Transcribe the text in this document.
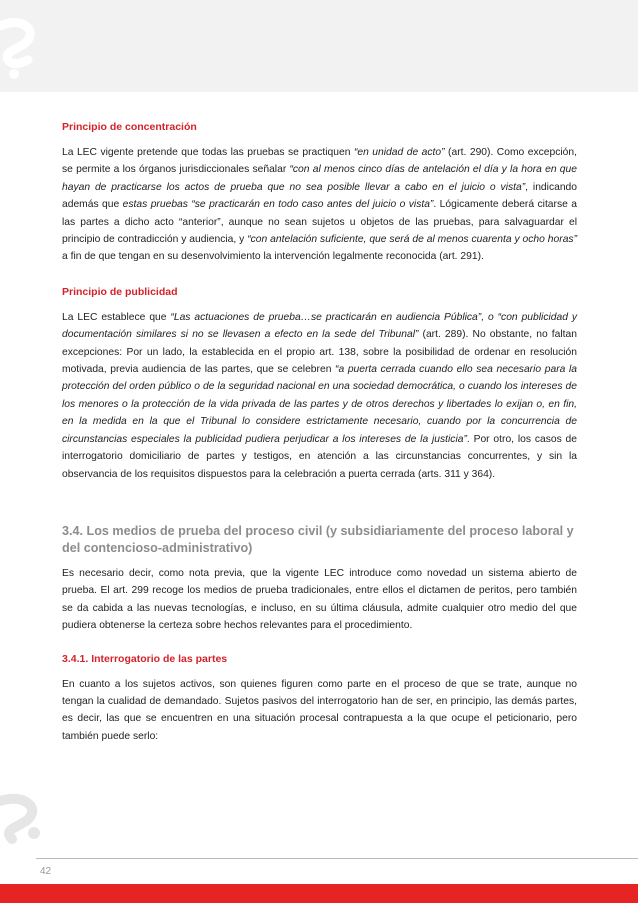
Principio de concentración

La LEC vigente pretende que todas las pruebas se practiquen “en unidad de acto” (art. 290). Como excepción, se permite a los órganos jurisdiccionales señalar “con al menos cinco días de antelación el día y la hora en que hayan de practicarse los actos de prueba que no sea posible llevar a cabo en el juicio o vista”, indicando además que estas pruebas “se practicarán en todo caso antes del juicio o vista”. Lógicamente deberá citarse a las partes a dicho acto “anterior”, aunque no sean sujetos u objetos de las pruebas, para salvaguardar el principio de contradicción y audiencia, y “con antelación suficiente, que será de al menos cuarenta y ocho horas” a fin de que tengan en su desenvolvimiento la intervención legalmente reconocida (art. 291).

Principio de publicidad

La LEC establece que “Las actuaciones de prueba…se practicarán en audiencia Pública”, o “con publicidad y documentación similares si no se llevasen a efecto en la sede del Tribunal” (art. 289). No obstante, no faltan excepciones: Por un lado, la establecida en el propio art. 138, sobre la posibilidad de ordenar en resolución motivada, previa audiencia de las partes, que se celebren “a puerta cerrada cuando ello sea necesario para la protección del orden público o de la seguridad nacional en una sociedad democrática, o cuando los intereses de los menores o la protección de la vida privada de las partes y de otros derechos y libertades lo exijan o, en fin, en la medida en la que el Tribunal lo considere estrictamente necesario, cuando por la concurrencia de circunstancias especiales la publicidad pudiera perjudicar a los intereses de la justicia”. Por otro, los casos de interrogatorio domiciliario de partes y testigos, en atención a las circunstancias concurrentes, y sin la observancia de los requisitos dispuestos para la celebración a puerta cerrada (arts. 311 y 364).

3.4. Los medios de prueba del proceso civil (y subsidiariamente del proceso laboral y del contencioso-administrativo)

Es necesario decir, como nota previa, que la vigente LEC introduce como novedad un sistema abierto de prueba. El art. 299 recoge los medios de prueba tradicionales, entre ellos el dictamen de peritos, pero también se da cabida a las nuevas tecnologías, e incluso, en su última cláusula, admite cualquier otro medio del que pudiera obtenerse la certeza sobre hechos relevantes para el procedimiento.

3.4.1. Interrogatorio de las partes

En cuanto a los sujetos activos, son quienes figuren como parte en el proceso de que se trate, aunque no tengan la cualidad de demandado. Sujetos pasivos del interrogatorio han de ser, en principio, las demás partes, es decir, las que se encuentren en una situación procesal contrapuesta a la que ocupe el peticionario, pero también puede serlo:

42
